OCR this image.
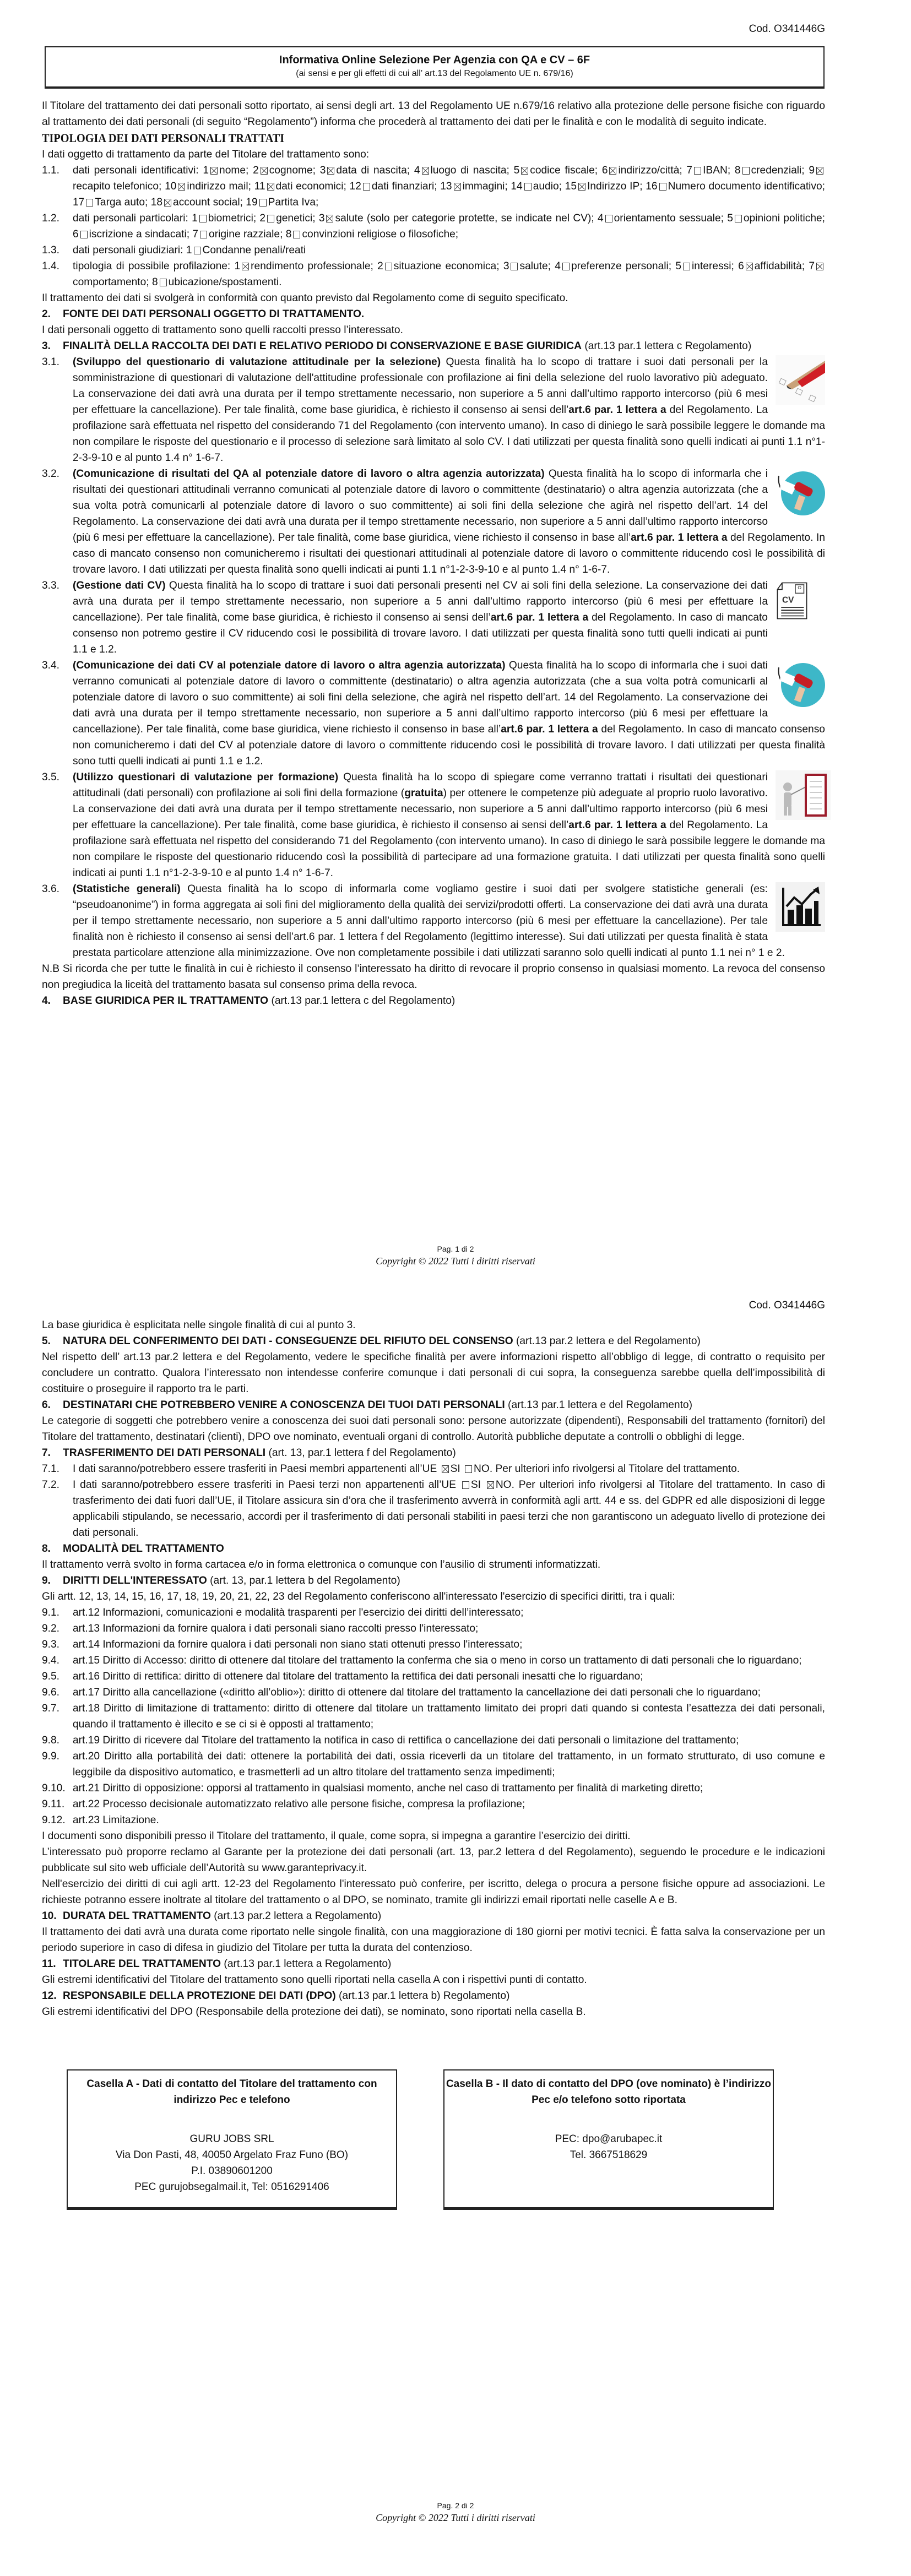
Cod. O341446G
Informativa Online Selezione Per Agenzia con QA e CV – 6F
(ai sensi e per gli effetti di cui all’ art.13 del Regolamento UE n. 679/16)

Il Titolare del trattamento dei dati personali sotto riportato, ai sensi degli art. 13 del Regolamento UE n.679/16 relativo alla protezione delle persone fisiche con riguardo al trattamento dei dati personali (di seguito “Regolamento”) informa che procederà al trattamento dei dati per le finalità e con le modalità di seguito indicate.

TIPOLOGIA DEI DATI PERSONALI TRATTATI

I dati oggetto di trattamento da parte del Titolare del trattamento sono:

1.1.	dati personali identificativi: 1 nome; 2 cognome; 3 data di nascita; 4 luogo di nascita; 5 codice fiscale; 6 indirizzo/città; 7 IBAN; 8 credenziali; 9recapito telefonico; 10 indirizzo mail; 11 dati economici; 12 dati finanziari; 13 immagini; 14 audio; 15 Indirizzo IP; 16 Numero documento identificativo; 17 Targa auto; 18 account social; 19 Partita Iva;
1.2.	dati personali particolari: 1 biometrici; 2 genetici; 3 salute (solo per categorie protette, se indicate nel CV); 4 orientamento sessuale; 5 opinioni politiche; 6 iscrizione a sindacati; 7 origine razziale; 8 convinzioni religiose o filosofiche;
1.3.	dati personali giudiziari: 1 Condanne penali/reati
1.4.	tipologia di possibile profilazione: 1 rendimento professionale; 2 situazione economica; 3 salute; 4 preferenze personali; 5 interessi; 6 affidabilità; 7comportamento; 8 ubicazione/spostamenti.

Il trattamento dei dati si svolgerà in conformità con quanto previsto dal Regolamento come di seguito specificato.

2. FONTE DEI DATI PERSONALI OGGETTO DI TRATTAMENTO.

I dati personali oggetto di trattamento sono quelli raccolti presso l’interessato.

3. FINALITÀ DELLA RACCOLTA DEI DATI E RELATIVO PERIODO DI CONSERVAZIONE E BASE GIURIDICA (art.13 par.1 lettera c Regolamento)
3.1.	(Sviluppo del questionario di valutazione attitudinale per la selezione) Questa finalità ha lo scopo di trattare i suoi dati personali per la somministrazione di questionari di valutazione dell'attitudine professionale con profilazione ai fini della selezione del ruolo lavorativo più adeguato. La conservazione dei dati avrà una durata per il tempo strettamente necessario, non superiore a 5 anni dall’ultimo rapporto intercorso (più 6 mesi per effettuare la cancellazione). Per tale finalità, come base giuridica, è richiesto il consenso ai sensi dell’art.6 par. 1 lettera a del Regolamento. La profilazione sarà effettuata nel rispetto del considerando 71 del Regolamento (con intervento umano). In caso di diniego le sarà possibile leggere le domande ma non compilare le risposte del questionario e il processo di selezione sarà limitato al solo CV. I dati utilizzati per questa finalità sono quelli indicati ai punti 1.1 n°1-2-3-9-10 e al punto 1.4 n° 1-6-7.
3.2.	(Comunicazione di risultati del QA al potenziale datore di lavoro o altra agenzia autorizzata) Questa finalità ha lo scopo di informarla che i risultati dei questionari attitudinali verranno comunicati al potenziale datore di lavoro o committente (destinatario) o altra agenzia autorizzata (che a sua volta potrà comunicarli al potenziale datore di lavoro o suo committente) ai soli fini della selezione che agirà nel rispetto dell’art. 14 del Regolamento. La conservazione dei dati avrà una durata per il tempo strettamente necessario, non superiore a 5 anni dall’ultimo rapporto intercorso (più 6 mesi per effettuare la cancellazione). Per tale finalità, come base giuridica, viene richiesto il consenso in base all’art.6 par. 1 lettera a del Regolamento. In caso di mancato consenso non comunicheremo i risultati dei questionari attitudinali al potenziale datore di lavoro o committente riducendo così le possibilità di trovare lavoro. I dati utilizzati per questa finalità sono quelli indicati ai punti 1.1 n°1-2-3-9-10 e al punto 1.4 n° 1-6-7.
3.3.
CV
(Gestione dati CV) Questa finalità ha lo scopo di trattare i suoi dati personali presenti nel CV ai soli fini della selezione. La conservazione dei dati avrà una durata per il tempo strettamente necessario, non superiore a 5 anni dall’ultimo rapporto intercorso (più 6 mesi per effettuare la cancellazione). Per tale finalità, come base giuridica, è richiesto il consenso ai sensi dell’art.6 par. 1 lettera a del Regolamento. In caso di mancato consenso non potremo gestire il CV riducendo così le possibilità di trovare lavoro. I dati utilizzati per questa finalità sono tutti quelli indicati ai punti 1.1 e 1.2.
3.4.	(Comunicazione dei dati CV al potenziale datore di lavoro o altra agenzia autorizzata) Questa finalità ha lo scopo di informarla che i suoi dati verranno comunicati al potenziale datore di lavoro o committente (destinatario) o altra agenzia autorizzata (che a sua volta potrà comunicarli al potenziale datore di lavoro o suo committente) ai soli fini della selezione, che agirà nel rispetto dell’art. 14 del Regolamento. La conservazione dei dati avrà una durata per il tempo strettamente necessario, non superiore a 5 anni dall’ultimo rapporto intercorso (più 6 mesi per effettuare la cancellazione). Per tale finalità, come base giuridica, viene richiesto il consenso in base all’art.6 par. 1 lettera a del Regolamento. In caso di mancato consenso non comunicheremo i dati del CV al potenziale datore di lavoro o committente riducendo così le possibilità di trovare lavoro. I dati utilizzati per questa finalità sono tutti quelli indicati ai punti 1.1 e 1.2.
3.5.	(Utilizzo questionari di valutazione per formazione) Questa finalità ha lo scopo di spiegare come verranno trattati i risultati dei questionari attitudinali (dati personali) con profilazione ai soli fini della formazione (gratuita) per ottenere le competenze più adeguate al proprio ruolo lavorativo. La conservazione dei dati avrà una durata per il tempo strettamente necessario, non superiore a 5 anni dall’ultimo rapporto intercorso (più 6 mesi per effettuare la cancellazione). Per tale finalità, come base giuridica, è richiesto il consenso ai sensi dell’art.6 par. 1 lettera a del Regolamento. La profilazione sarà effettuata nel rispetto del considerando 71 del Regolamento (con intervento umano). In caso di diniego le sarà possibile leggere le domande ma non compilare le risposte del questionario riducendo così la possibilità di partecipare ad una formazione gratuita. I dati utilizzati per questa finalità sono quelli indicati ai punti 1.1 n°1-2-3-9-10 e al punto 1.4 n° 1-6-7.
3.6.	(Statistiche generali) Questa finalità ha lo scopo di informarla come vogliamo gestire i suoi dati per svolgere statistiche generali (es: “pseudoanonime”) in forma aggregata ai soli fini del miglioramento della qualità dei servizi/prodotti offerti. La conservazione dei dati avrà una durata per il tempo strettamente necessario, non superiore a 5 anni dall’ultimo rapporto intercorso (più 6 mesi per effettuare la cancellazione). Per tale finalità non è richiesto il consenso ai sensi dell’art.6 par. 1 lettera f del Regolamento (legittimo interesse). Sui dati utilizzati per questa finalità è stata prestata particolare attenzione alla minimizzazione. Ove non completamente possibile i dati utilizzati saranno solo quelli indicati al punto 1.1 nei n° 1 e 2.

N.B Si ricorda che per tutte le finalità in cui è richiesto il consenso l’interessato ha diritto di revocare il proprio consenso in qualsiasi momento. La revoca del consenso non pregiudica la liceità del trattamento basata sul consenso prima della revoca.

4. BASE GIURIDICA PER IL TRATTAMENTO (art.13 par.1 lettera c del Regolamento)
Pag. 1 di 2
Copyright © 2022 Tutti i diritti riservati
Cod. O341446G

La base giuridica è esplicitata nelle singole finalità di cui al punto 3.

5. NATURA DEL CONFERIMENTO DEI DATI - CONSEGUENZE DEL RIFIUTO DEL CONSENSO (art.13 par.2 lettera e del Regolamento)

Nel rispetto dell’ art.13 par.2 lettera e del Regolamento, vedere le specifiche finalità per avere informazioni rispetto all’obbligo di legge, di contratto o requisito per concludere un contratto. Qualora l’interessato non intendesse conferire comunque i dati personali di cui sopra, la conseguenza sarebbe quella dell’impossibilità di costituire o proseguire il rapporto tra le parti.

6. DESTINATARI CHE POTREBBERO VENIRE A CONOSCENZA DEI TUOI DATI PERSONALI (art.13 par.1 lettera e del Regolamento)

Le categorie di soggetti che potrebbero venire a conoscenza dei suoi dati personali sono: persone autorizzate (dipendenti), Responsabili del trattamento (fornitori) del Titolare del trattamento, destinatari (clienti), DPO ove nominato, eventuali organi di controllo. Autorità pubbliche deputate a controlli o obblighi di legge.

7. TRASFERIMENTO DEI DATI PERSONALI (art. 13, par.1 lettera f del Regolamento)
7.1.	I dati saranno/potrebbero essere trasferiti in Paesi membri appartenenti all’UE SI NO. Per ulteriori info rivolgersi al Titolare del trattamento.
7.2.	I dati saranno/potrebbero essere trasferiti in Paesi terzi non appartenenti all’UE SI NO. Per ulteriori info rivolgersi al Titolare del trattamento. In caso di trasferimento dei dati fuori dall’UE, il Titolare assicura sin d’ora che il trasferimento avverrà in conformità agli artt. 44 e ss. del GDPR ed alle disposizioni di legge applicabili stipulando, se necessario, accordi per il trasferimento di dati personali stabiliti in paesi terzi che non garantiscono un adeguato livello di protezione dei dati personali.
8. MODALITÀ DEL TRATTAMENTO

Il trattamento verrà svolto in forma cartacea e/o in forma elettronica o comunque con l’ausilio di strumenti informatizzati.

9. DIRITTI DELL'INTERESSATO (art. 13, par.1 lettera b del Regolamento)

Gli artt. 12, 13, 14, 15, 16, 17, 18, 19, 20, 21, 22, 23 del Regolamento conferiscono all'interessato l'esercizio di specifici diritti, tra i quali:

9.1.	art.12 Informazioni, comunicazioni e modalità trasparenti per l'esercizio dei diritti dell’interessato;
9.2.	art.13 Informazioni da fornire qualora i dati personali siano raccolti presso l'interessato;
9.3.	art.14 Informazioni da fornire qualora i dati personali non siano stati ottenuti presso l'interessato;
9.4.	art.15 Diritto di Accesso: diritto di ottenere dal titolare del trattamento la conferma che sia o meno in corso un trattamento di dati personali che lo riguardano;
9.5.	art.16 Diritto di rettifica: diritto di ottenere dal titolare del trattamento la rettifica dei dati personali inesatti che lo riguardano;
9.6.	art.17 Diritto alla cancellazione («diritto all’oblio»): diritto di ottenere dal titolare del trattamento la cancellazione dei dati personali che lo riguardano;
9.7.	art.18 Diritto di limitazione di trattamento: diritto di ottenere dal titolare un trattamento limitato dei propri dati quando si contesta l’esattezza dei dati personali, quando il trattamento è illecito e se ci si è opposti al trattamento;
9.8.	art.19 Diritto di ricevere dal Titolare del trattamento la notifica in caso di rettifica o cancellazione dei dati personali o limitazione del trattamento;
9.9.	art.20 Diritto alla portabilità dei dati: ottenere la portabilità dei dati, ossia riceverli da un titolare del trattamento, in un formato strutturato, di uso comune e leggibile da dispositivo automatico, e trasmetterli ad un altro titolare del trattamento senza impedimenti;
9.10. art.21 Diritto di opposizione: opporsi al trattamento in qualsiasi momento, anche nel caso di trattamento per finalità di marketing diretto;
9.11. art.22 Processo decisionale automatizzato relativo alle persone fisiche, compresa la profilazione;
9.12. art.23 Limitazione.

I documenti sono disponibili presso il Titolare del trattamento, il quale, come sopra, si impegna a garantire l’esercizio dei diritti.

L’interessato può proporre reclamo al Garante per la protezione dei dati personali (art. 13, par.2 lettera d del Regolamento), seguendo le procedure e le indicazioni pubblicate sul sito web ufficiale dell’Autorità su www.garanteprivacy.it.

Nell'esercizio dei diritti di cui agli artt. 12-23 del Regolamento l'interessato può conferire, per iscritto, delega o procura a persone fisiche oppure ad associazioni. Le richieste potranno essere inoltrate al titolare del trattamento o al DPO, se nominato, tramite gli indirizzi email riportati nelle caselle A e B.

10. DURATA DEL TRATTAMENTO (art.13 par.2 lettera a Regolamento)

Il trattamento dei dati avrà una durata come riportato nelle singole finalità, con una maggiorazione di 180 giorni per motivi tecnici. È fatta salva la conservazione per un periodo superiore in caso di difesa in giudizio del Titolare per tutta la durata del contenzioso.

11. TITOLARE DEL TRATTAMENTO (art.13 par.1 lettera a Regolamento)

Gli estremi identificativi del Titolare del trattamento sono quelli riportati nella casella A con i rispettivi punti di contatto.

12. RESPONSABILE DELLA PROTEZIONE DEI DATI (DPO) (art.13 par.1 lettera b) Regolamento)

Gli estremi identificativi del DPO (Responsabile della protezione dei dati), se nominato, sono riportati nella casella B.

Casella A - Dati di contatto del Titolare del trattamento con indirizzo Pec e telefono
GURU JOBS SRL
Via Don Pasti, 48, 40050 Argelato Fraz Funo (BO)
P.I. 03890601200
PEC gurujobsegalmail.it, Tel: 0516291406
Casella B - Il dato di contatto del DPO (ove nominato) è l’indirizzo Pec e/o telefono sotto riportata
PEC: dpo@arubapec.it
Tel. 3667518629
Pag. 2 di 2
Copyright © 2022 Tutti i diritti riservati
